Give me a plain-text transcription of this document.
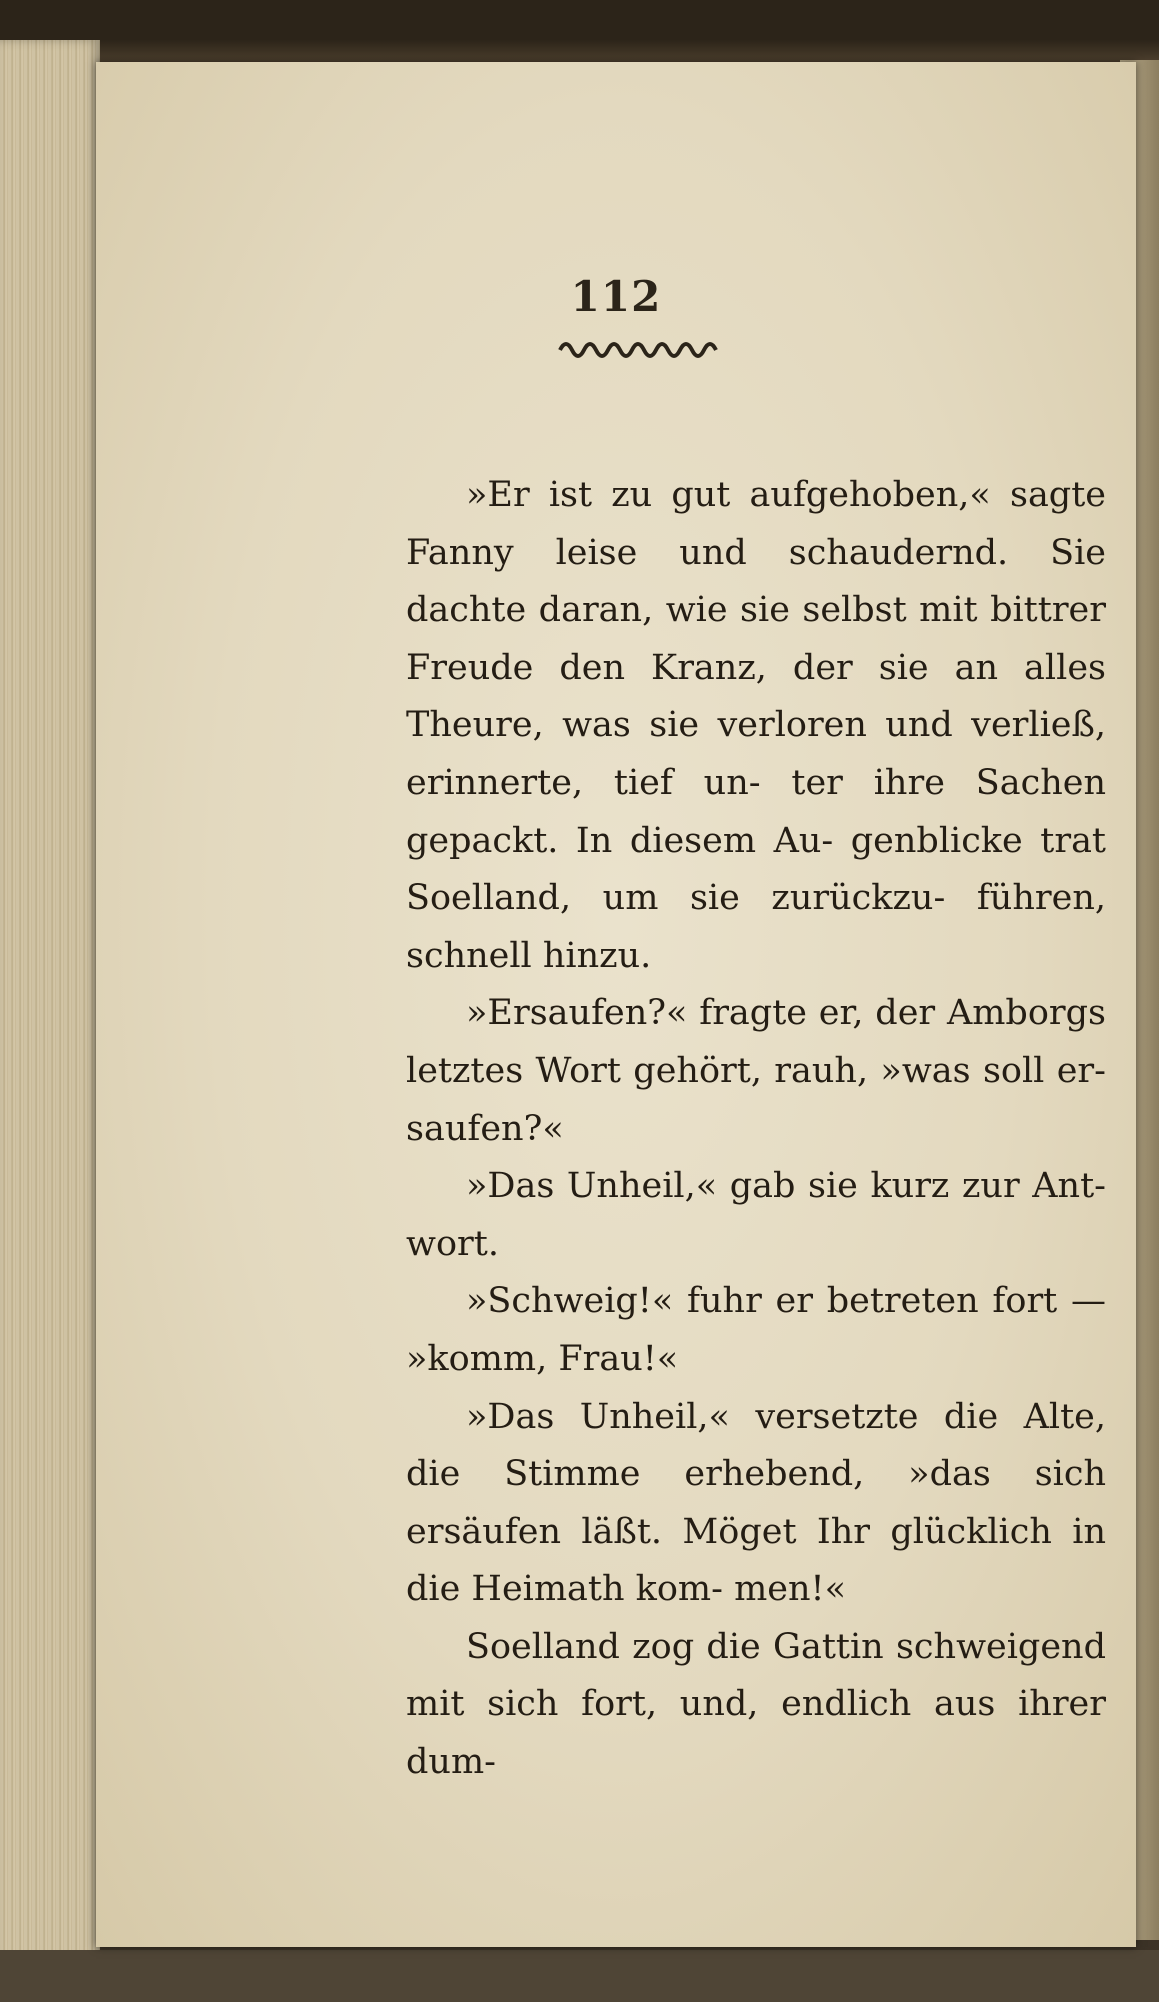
112

»Er ist zu gut aufgehoben,« sagte Fanny leise und schaudernd. Sie dachte daran, wie sie selbst mit bittrer Freude den Kranz, der sie an alles Theure, was sie verloren und verließ, erinnerte, tief un- ter ihre Sachen gepackt. In diesem Au- genblicke trat Soelland, um sie zurückzu- führen, schnell hinzu.

»Ersaufen?« fragte er, der Amborgs letztes Wort gehört, rauh, »was soll er- saufen?«

»Das Unheil,« gab sie kurz zur Ant- wort.

»Schweig!« fuhr er betreten fort — »komm, Frau!«

»Das Unheil,« versetzte die Alte, die Stimme erhebend, »das sich ersäufen läßt. Möget Ihr glücklich in die Heimath kom- men!«

Soelland zog die Gattin schweigend mit sich fort, und, endlich aus ihrer dum-
